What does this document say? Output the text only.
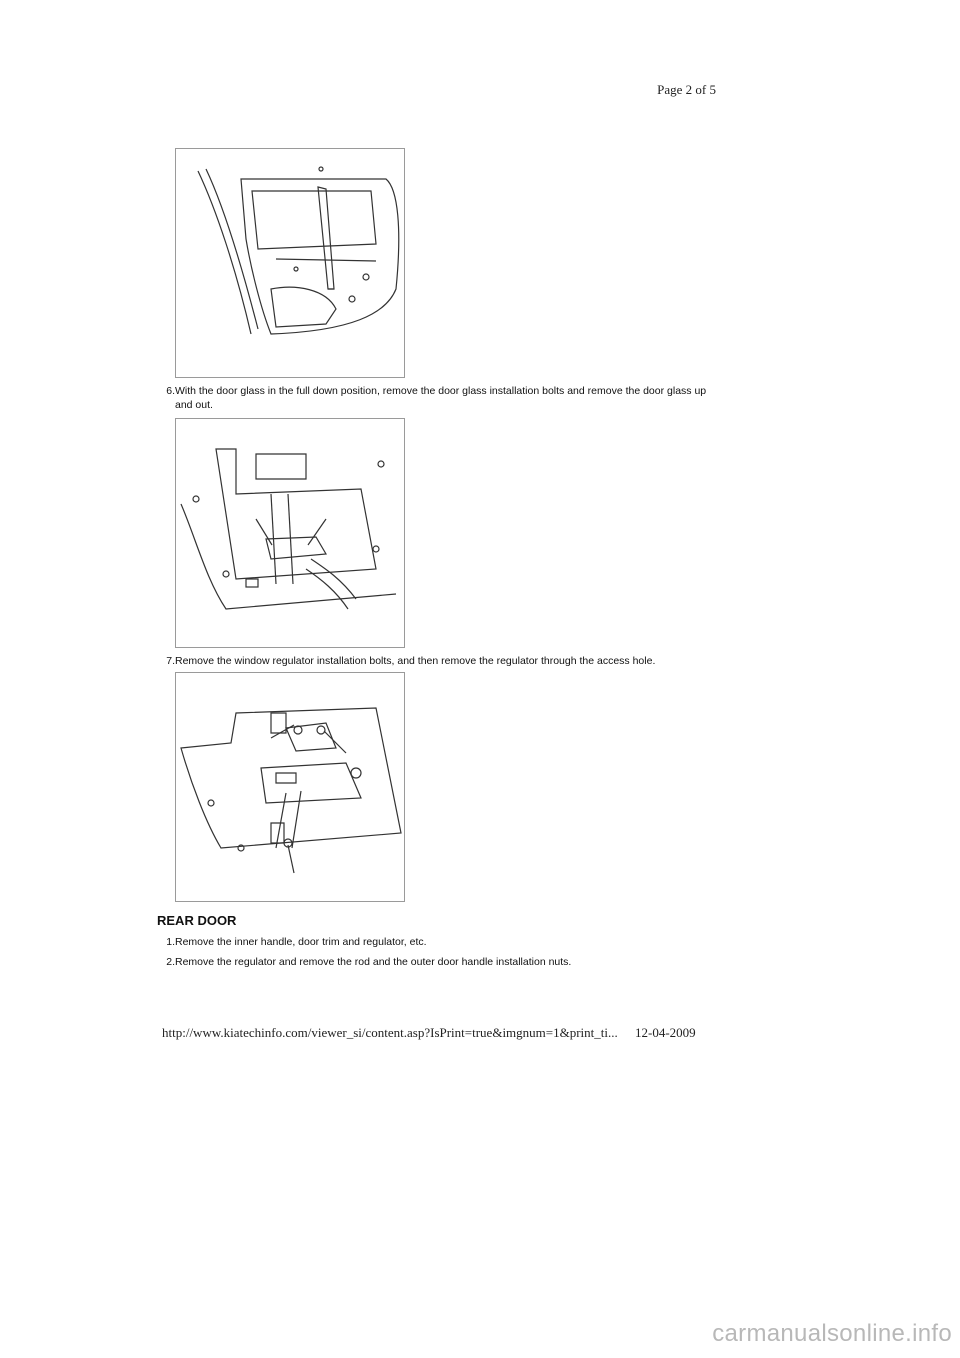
Page 2 of 5
6. With the door glass in the full down position, remove the door glass installation bolts and remove the door glass up and out.
7. Remove the window regulator installation bolts, and then remove the regulator through the access hole.
REAR DOOR
1. Remove the inner handle, door trim and regulator, etc.
2. Remove the regulator and remove the rod and the outer door handle installation nuts.
http://www.kiatechinfo.com/viewer_si/content.asp?IsPrint=true&imgnum=1&print_ti... 12-04-2009
carmanualsonline.info
